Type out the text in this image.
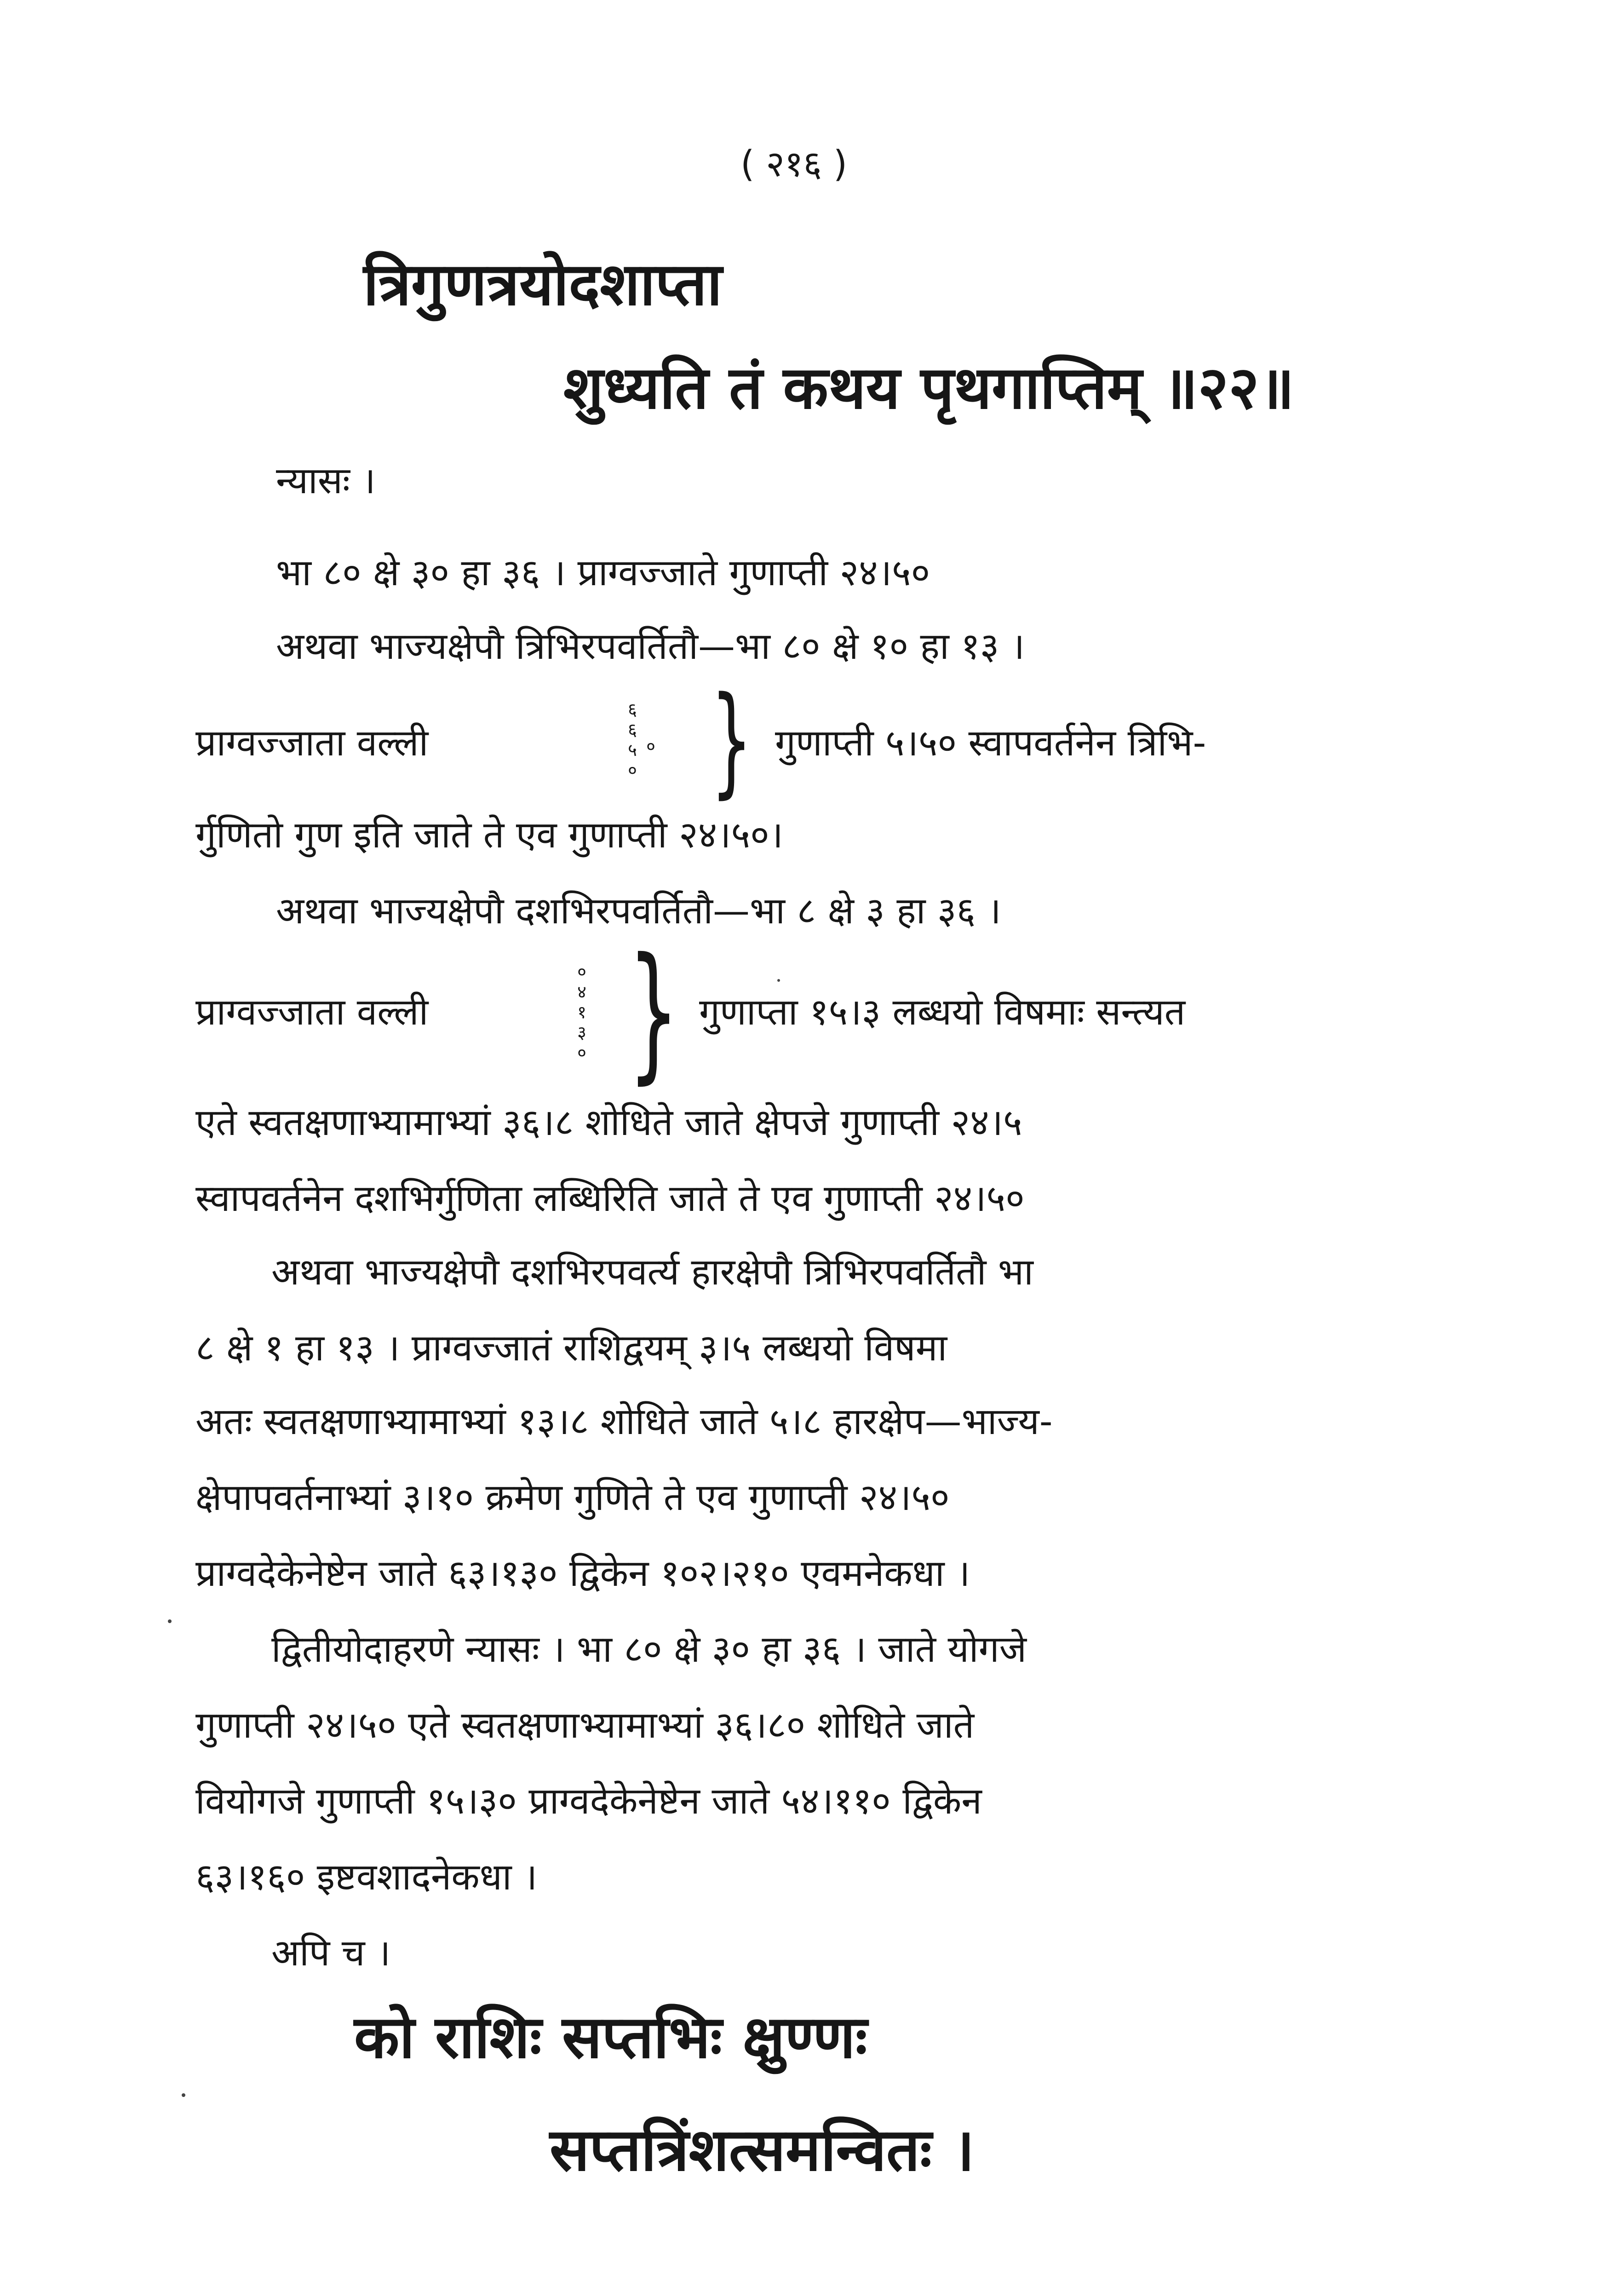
( २१६ )
त्रिगुणत्रयोदशाप्ता
शुध्यति तं कथय पृथगाप्तिम् ॥२२॥
न्यासः ।
भा ८० क्षे ३० हा ३६ । प्राग्वज्जाते गुणाप्ती २४।५०
अथवा भाज्यक्षेपौ त्रिभिरपवर्तितौ—भा ८० क्षे १० हा १३ ।
प्राग्वज्जाता वल्ली
६
६
५
०
० } गुणाप्ती ५।५० स्वापवर्तनेन त्रिभि-
र्गुणितो गुण इति जाते ते एव गुणाप्ती २४।५०।
अथवा भाज्यक्षेपौ दशभिरपवर्तितौ—भा ८ क्षे ३ हा ३६ ।
प्राग्वज्जाता वल्ली
०
४
१
३
० } गुणाप्ता १५।३ लब्धयो विषमाः सन्त्यत
एते स्वतक्षणाभ्यामाभ्यां ३६।८ शोधिते जाते क्षेपजे गुणाप्ती २४।५
स्वापवर्तनेन दशभिर्गुणिता लब्धिरिति जाते ते एव गुणाप्ती २४।५०
अथवा भाज्यक्षेपौ दशभिरपवर्त्य हारक्षेपौ त्रिभिरपवर्तितौ भा
८ क्षे १ हा १३ । प्राग्वज्जातं राशिद्वयम् ३।५ लब्धयो विषमा
अतः स्वतक्षणाभ्यामाभ्यां १३।८ शोधिते जाते ५।८ हारक्षेप—भाज्य-
क्षेपापवर्तनाभ्यां ३।१० क्रमेण गुणिते ते एव गुणाप्ती २४।५०
प्राग्वदेकेनेष्टेन जाते ६३।१३० द्विकेन १०२।२१० एवमनेकधा ।
द्वितीयोदाहरणे न्यासः । भा ८० क्षे ३० हा ३६ । जाते योगजे
गुणाप्ती २४।५० एते स्वतक्षणाभ्यामाभ्यां ३६।८० शोधिते जाते
वियोगजे गुणाप्ती १५।३० प्राग्वदेकेनेष्टेन जाते ५४।११० द्विकेन
६३।१६० इष्टवशादनेकधा ।
अपि च ।
को राशिः सप्तभिः क्षुण्णः
सप्तत्रिंशत्समन्वितः ।
